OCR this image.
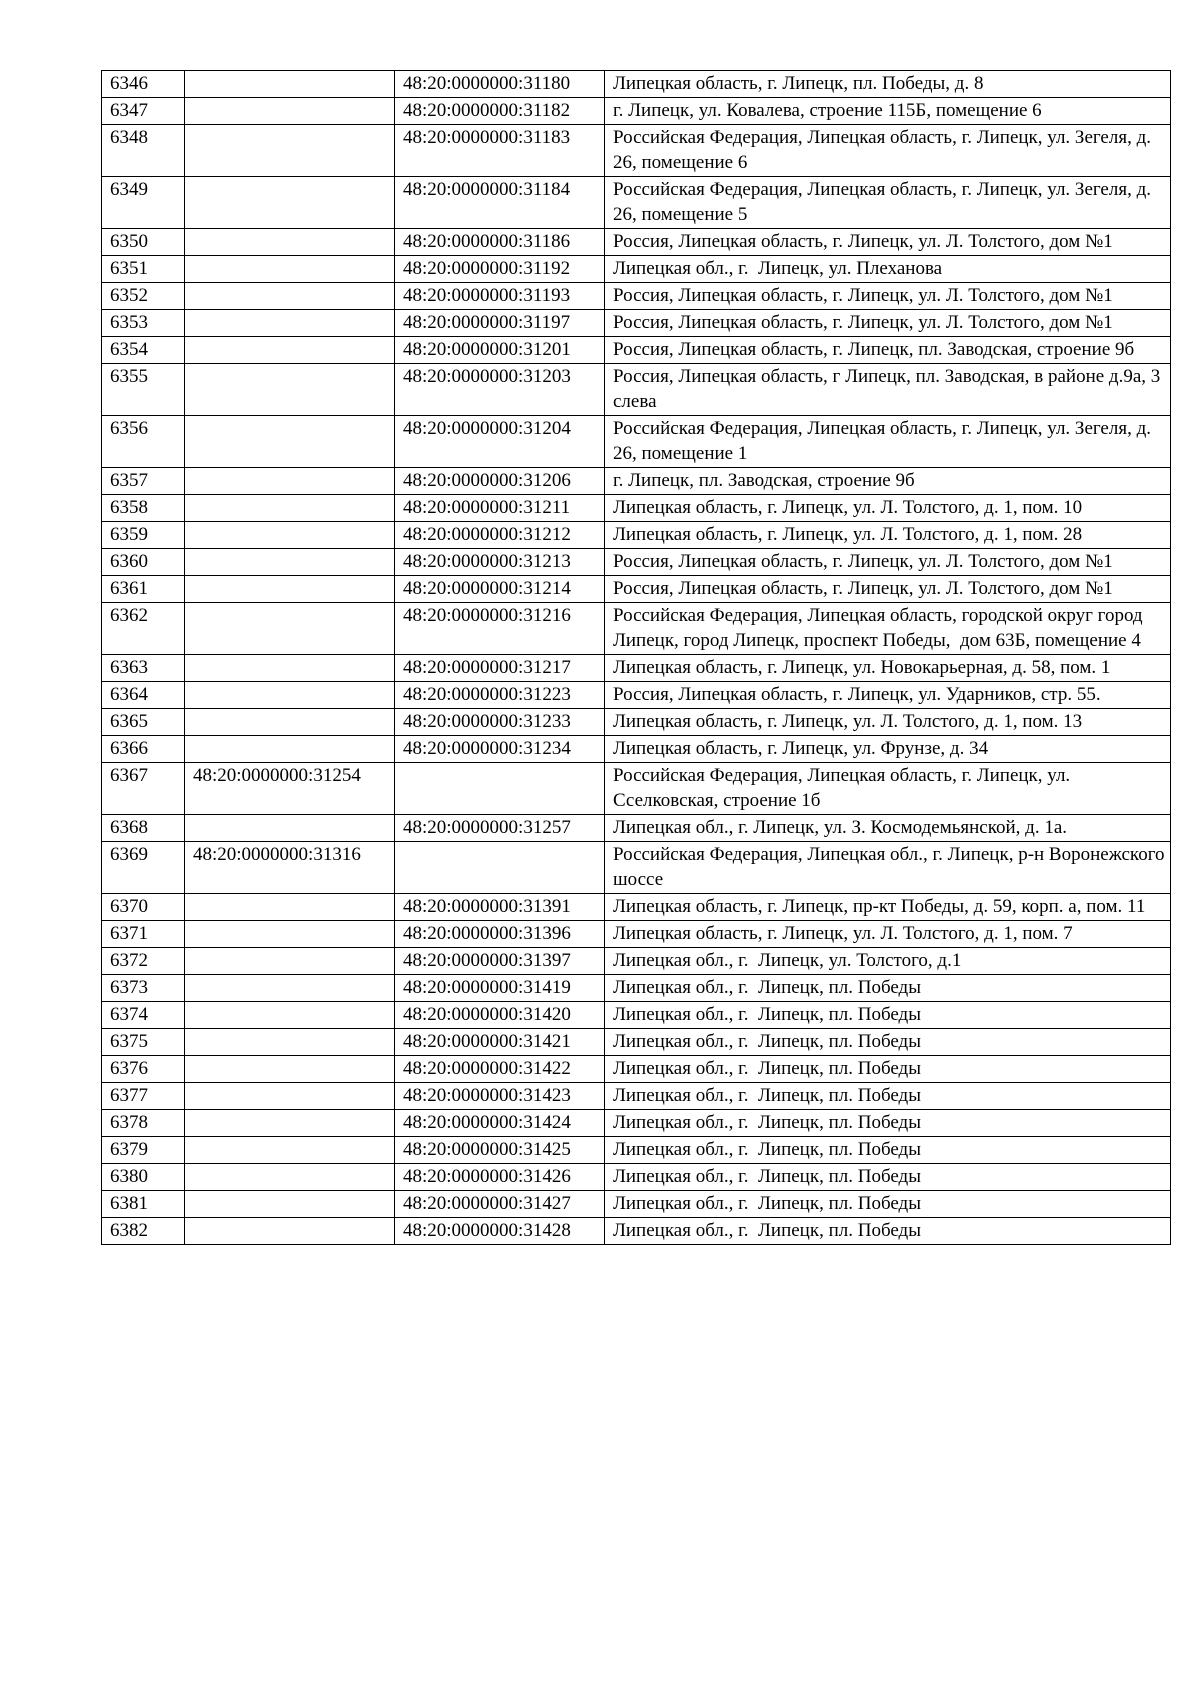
6346		48:20:0000000:31180	Липецкая область, г. Липецк, пл. Победы, д. 8
6347		48:20:0000000:31182	г. Липецк, ул. Ковалева, строение 115Б, помещение 6
6348		48:20:0000000:31183	Российская Федерация, Липецкая область, г. Липецк, ул. Зегеля, д. 26, помещение 6
6349		48:20:0000000:31184	Российская Федерация, Липецкая область, г. Липецк, ул. Зегеля, д. 26, помещение 5
6350		48:20:0000000:31186	Россия, Липецкая область, г. Липецк, ул. Л. Толстого, дом №1
6351		48:20:0000000:31192	Липецкая обл., г.  Липецк, ул. Плеханова
6352		48:20:0000000:31193	Россия, Липецкая область, г. Липецк, ул. Л. Толстого, дом №1
6353		48:20:0000000:31197	Россия, Липецкая область, г. Липецк, ул. Л. Толстого, дом №1
6354		48:20:0000000:31201	Россия, Липецкая область, г. Липецк, пл. Заводская, строение 9б
6355		48:20:0000000:31203	Россия, Липецкая область, г Липецк, пл. Заводская, в районе д.9а, 3 слева
6356		48:20:0000000:31204	Российская Федерация, Липецкая область, г. Липецк, ул. Зегеля, д. 26, помещение 1
6357		48:20:0000000:31206	г. Липецк, пл. Заводская, строение 9б
6358		48:20:0000000:31211	Липецкая область, г. Липецк, ул. Л. Толстого, д. 1, пом. 10
6359		48:20:0000000:31212	Липецкая область, г. Липецк, ул. Л. Толстого, д. 1, пом. 28
6360		48:20:0000000:31213	Россия, Липецкая область, г. Липецк, ул. Л. Толстого, дом №1
6361		48:20:0000000:31214	Россия, Липецкая область, г. Липецк, ул. Л. Толстого, дом №1
6362		48:20:0000000:31216	Российская Федерация, Липецкая область, городской округ город Липецк, город Липецк, проспект Победы,  дом 63Б, помещение 4
6363		48:20:0000000:31217	Липецкая область, г. Липецк, ул. Новокарьерная, д. 58, пом. 1
6364		48:20:0000000:31223	Россия, Липецкая область, г. Липецк, ул. Ударников, стр. 55.
6365		48:20:0000000:31233	Липецкая область, г. Липецк, ул. Л. Толстого, д. 1, пом. 13
6366		48:20:0000000:31234	Липецкая область, г. Липецк, ул. Фрунзе, д. 34
6367	48:20:0000000:31254		Российская Федерация, Липецкая область, г. Липецк, ул. Сселковская, строение 1б
6368		48:20:0000000:31257	Липецкая обл., г. Липецк, ул. З. Космодемьянской, д. 1а.
6369	48:20:0000000:31316		Российская Федерация, Липецкая обл., г. Липецк, р-н Воронежского шоссе
6370		48:20:0000000:31391	Липецкая область, г. Липецк, пр-кт Победы, д. 59, корп. а, пом. 11
6371		48:20:0000000:31396	Липецкая область, г. Липецк, ул. Л. Толстого, д. 1, пом. 7
6372		48:20:0000000:31397	Липецкая обл., г.  Липецк, ул. Толстого, д.1
6373		48:20:0000000:31419	Липецкая обл., г.  Липецк, пл. Победы
6374		48:20:0000000:31420	Липецкая обл., г.  Липецк, пл. Победы
6375		48:20:0000000:31421	Липецкая обл., г.  Липецк, пл. Победы
6376		48:20:0000000:31422	Липецкая обл., г.  Липецк, пл. Победы
6377		48:20:0000000:31423	Липецкая обл., г.  Липецк, пл. Победы
6378		48:20:0000000:31424	Липецкая обл., г.  Липецк, пл. Победы
6379		48:20:0000000:31425	Липецкая обл., г.  Липецк, пл. Победы
6380		48:20:0000000:31426	Липецкая обл., г.  Липецк, пл. Победы
6381		48:20:0000000:31427	Липецкая обл., г.  Липецк, пл. Победы
6382		48:20:0000000:31428	Липецкая обл., г.  Липецк, пл. Победы
